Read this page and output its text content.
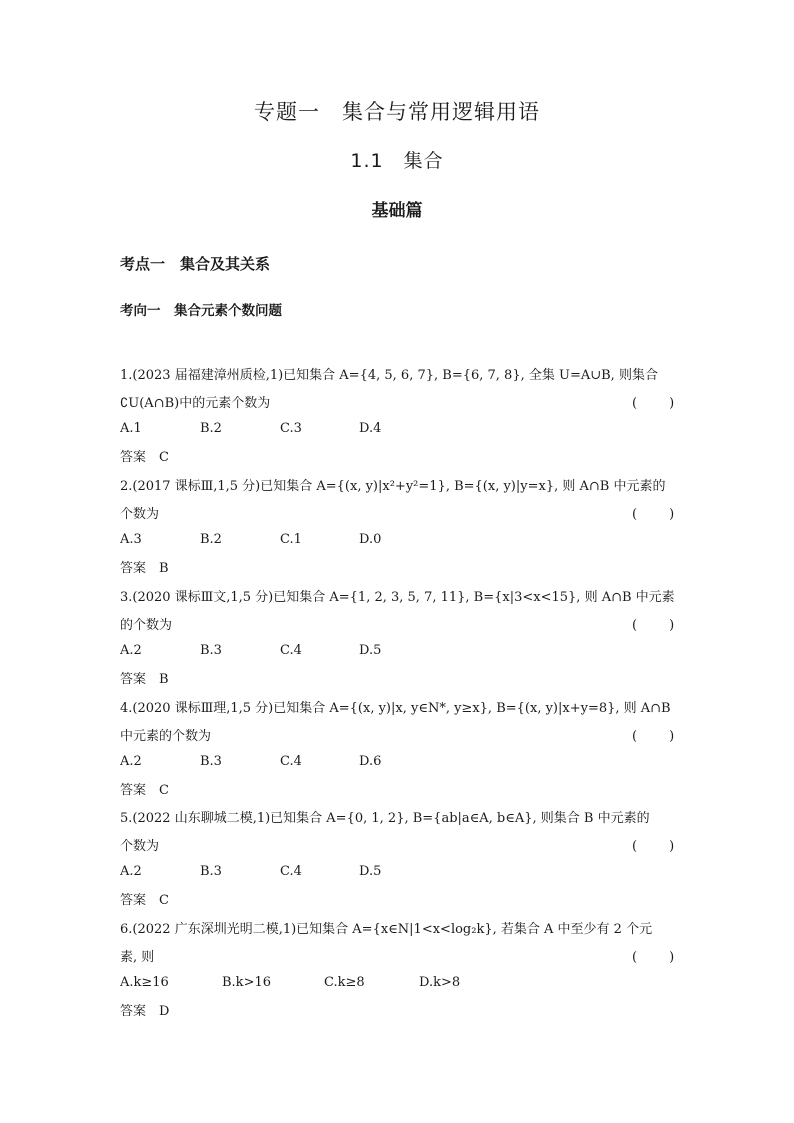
专题一　集合与常用逻辑用语
1.1　集合
基础篇
考点一　集合及其关系
考向一　集合元素个数问题
1.(2023 届福建漳州质检,1)已知集合 A={4, 5, 6, 7}, B={6, 7, 8}, 全集 U=A∪B, 则集合
∁U(A∩B)中的元素个数为	(　　)
A.1	B.2	C.3	D.4
答案　C
2.(2017 课标Ⅲ,1,5 分)已知集合 A={(x, y)|x²+y²=1}, B={(x, y)|y=x}, 则 A∩B 中元素的
个数为	(　　)
A.3	B.2	C.1	D.0
答案　B
3.(2020 课标Ⅲ文,1,5 分)已知集合 A={1, 2, 3, 5, 7, 11}, B={x|3<x<15}, 则 A∩B 中元素
的个数为	(　　)
A.2	B.3	C.4	D.5
答案　B
4.(2020 课标Ⅲ理,1,5 分)已知集合 A={(x, y)|x, y∈N*, y≥x}, B={(x, y)|x+y=8}, 则 A∩B
中元素的个数为	(　　)
A.2	B.3	C.4	D.6
答案　C
5.(2022 山东聊城二模,1)已知集合 A={0, 1, 2}, B={ab|a∈A, b∈A}, 则集合 B 中元素的
个数为	(　　)
A.2	B.3	C.4	D.5
答案　C
6.(2022 广东深圳光明二模,1)已知集合 A={x∈N|1<x<log₂k}, 若集合 A 中至少有 2 个元
素, 则	(　　)
A.k≥16	B.k>16	C.k≥8	D.k>8
答案　D
